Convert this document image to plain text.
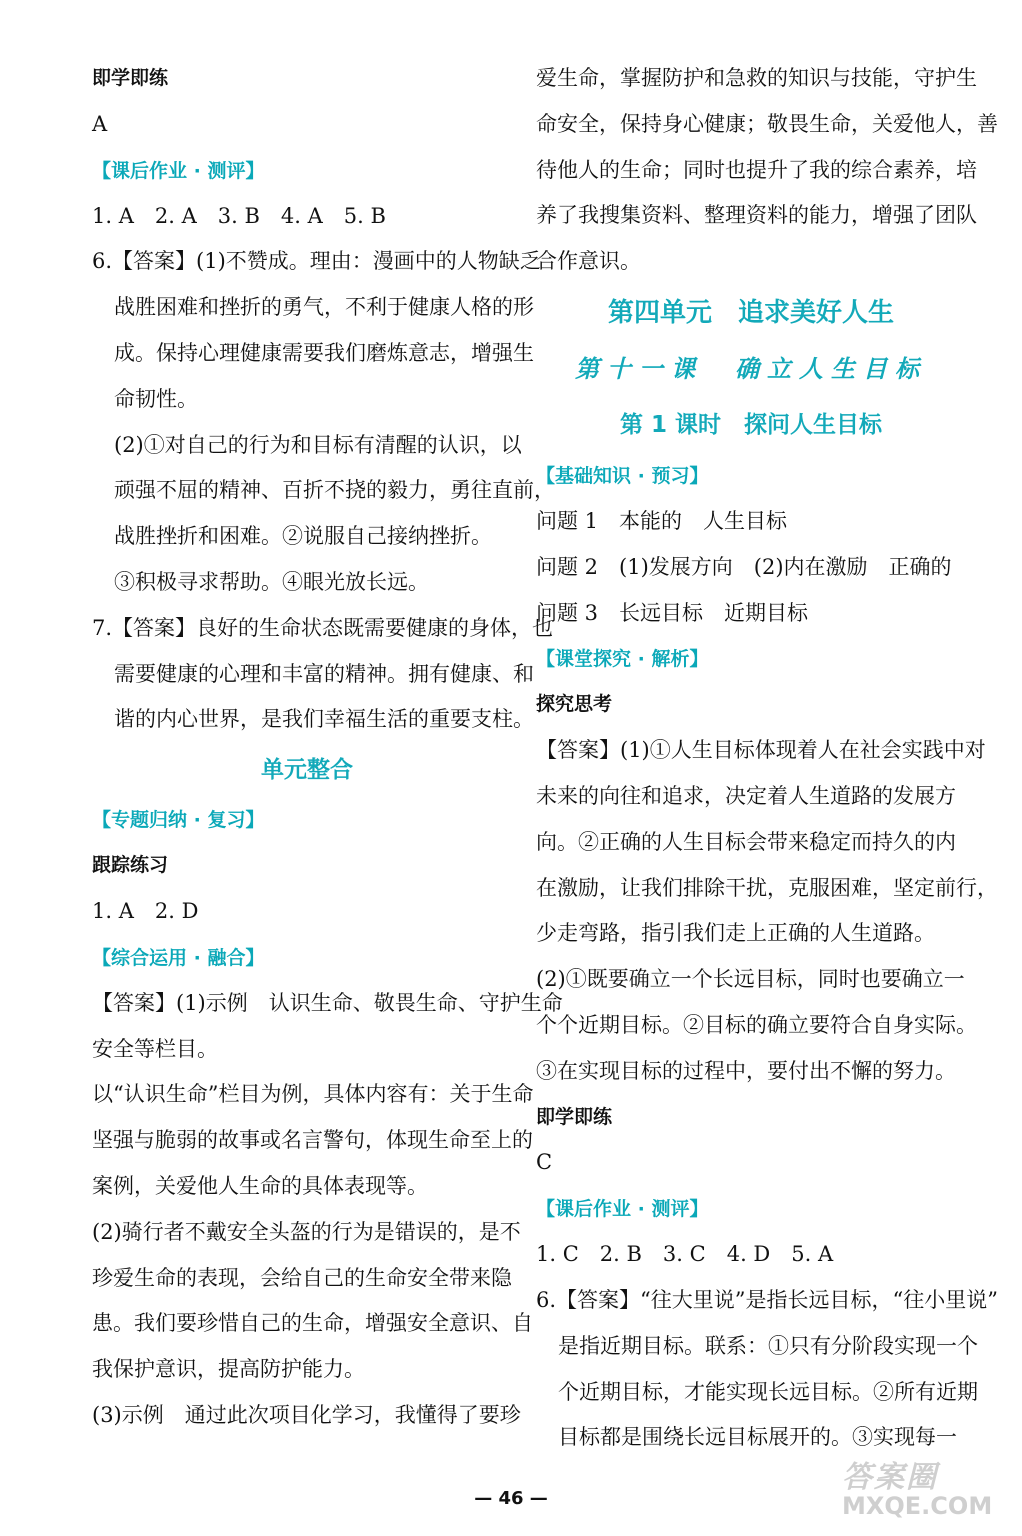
即学即练
A
【课后作业 · 测评】
1. A　2. A　3. B　4. A　5. B
6.【答案】(1)不赞成。理由：漫画中的人物缺乏
战胜困难和挫折的勇气，不利于健康人格的形
成。保持心理健康需要我们磨炼意志，增强生
命韧性。
(2)①对自己的行为和目标有清醒的认识，以
顽强不屈的精神、百折不挠的毅力，勇往直前，
战胜挫折和困难。②说服自己接纳挫折。
③积极寻求帮助。④眼光放长远。
7.【答案】良好的生命状态既需要健康的身体，也
需要健康的心理和丰富的精神。拥有健康、和
谐的内心世界，是我们幸福生活的重要支柱。
单元整合
【专题归纳 · 复习】
跟踪练习
1. A　2. D
【综合运用 · 融合】
【答案】(1)示例　认识生命、敬畏生命、守护生命
安全等栏目。
以“认识生命”栏目为例，具体内容有：关于生命
坚强与脆弱的故事或名言警句，体现生命至上的
案例，关爱他人生命的具体表现等。
(2)骑行者不戴安全头盔的行为是错误的，是不
珍爱生命的表现，会给自己的生命安全带来隐
患。我们要珍惜自己的生命，增强安全意识、自
我保护意识，提高防护能力。
(3)示例　通过此次项目化学习，我懂得了要珍
爱生命，掌握防护和急救的知识与技能，守护生
命安全，保持身心健康；敬畏生命，关爱他人，善
待他人的生命；同时也提升了我的综合素养，培
养了我搜集资料、整理资料的能力，增强了团队
合作意识。
第四单元　追求美好人生
第十一课　确立人生目标
第 1 课时　探问人生目标
【基础知识 · 预习】
问题 1　本能的　人生目标
问题 2　(1)发展方向　(2)内在激励　正确的
问题 3　长远目标　近期目标
【课堂探究 · 解析】
探究思考
【答案】(1)①人生目标体现着人在社会实践中对
未来的向往和追求，决定着人生道路的发展方
向。②正确的人生目标会带来稳定而持久的内
在激励，让我们排除干扰，克服困难，坚定前行，
少走弯路，指引我们走上正确的人生道路。
(2)①既要确立一个长远目标，同时也要确立一
个个近期目标。②目标的确立要符合自身实际。
③在实现目标的过程中，要付出不懈的努力。
即学即练
C
【课后作业 · 测评】
1. C　2. B　3. C　4. D　5. A
6.【答案】“往大里说”是指长远目标，“往小里说”
是指近期目标。联系：①只有分阶段实现一个
个近期目标，才能实现长远目标。②所有近期
目标都是围绕长远目标展开的。③实现每一
— 46 —
答案圈
MXQE.COM
